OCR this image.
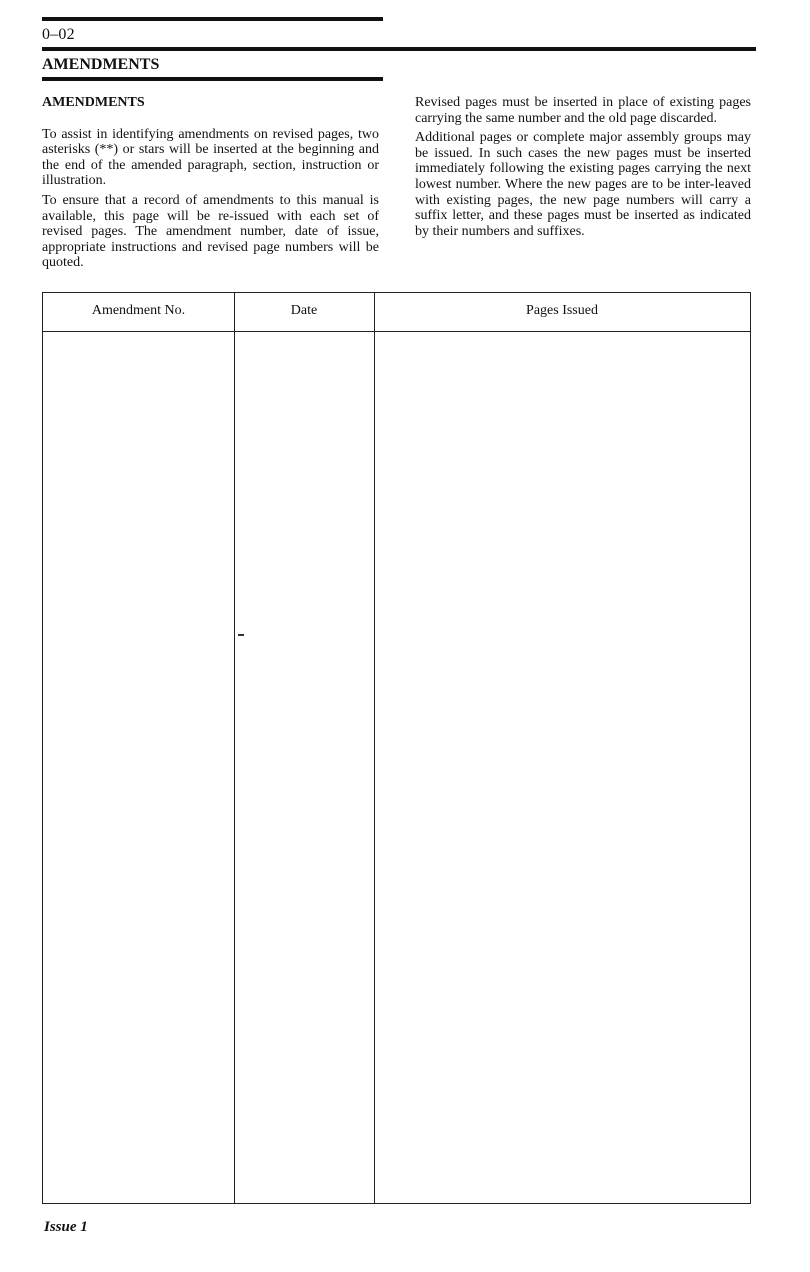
0–02
AMENDMENTS
AMENDMENTS

To assist in identifying amendments on revised pages, two asterisks (**) or stars will be inserted at the beginning and the end of the amended paragraph, section, instruction or illustration.

To ensure that a record of amendments to this manual is available, this page will be re-issued with each set of revised pages. The amendment number, date of issue, appropriate instructions and revised page numbers will be quoted.

Revised pages must be inserted in place of existing pages carrying the same number and the old page discarded.

Additional pages or complete major assembly groups may be issued. In such cases the new pages must be inserted immediately following the existing pages carrying the next lowest number. Where the new pages are to be inter-leaved with existing pages, the new page numbers will carry a suffix letter, and these pages must be inserted as indicated by their numbers and suffixes.

Amendment No.	Date	Pages Issued
Issue 1
